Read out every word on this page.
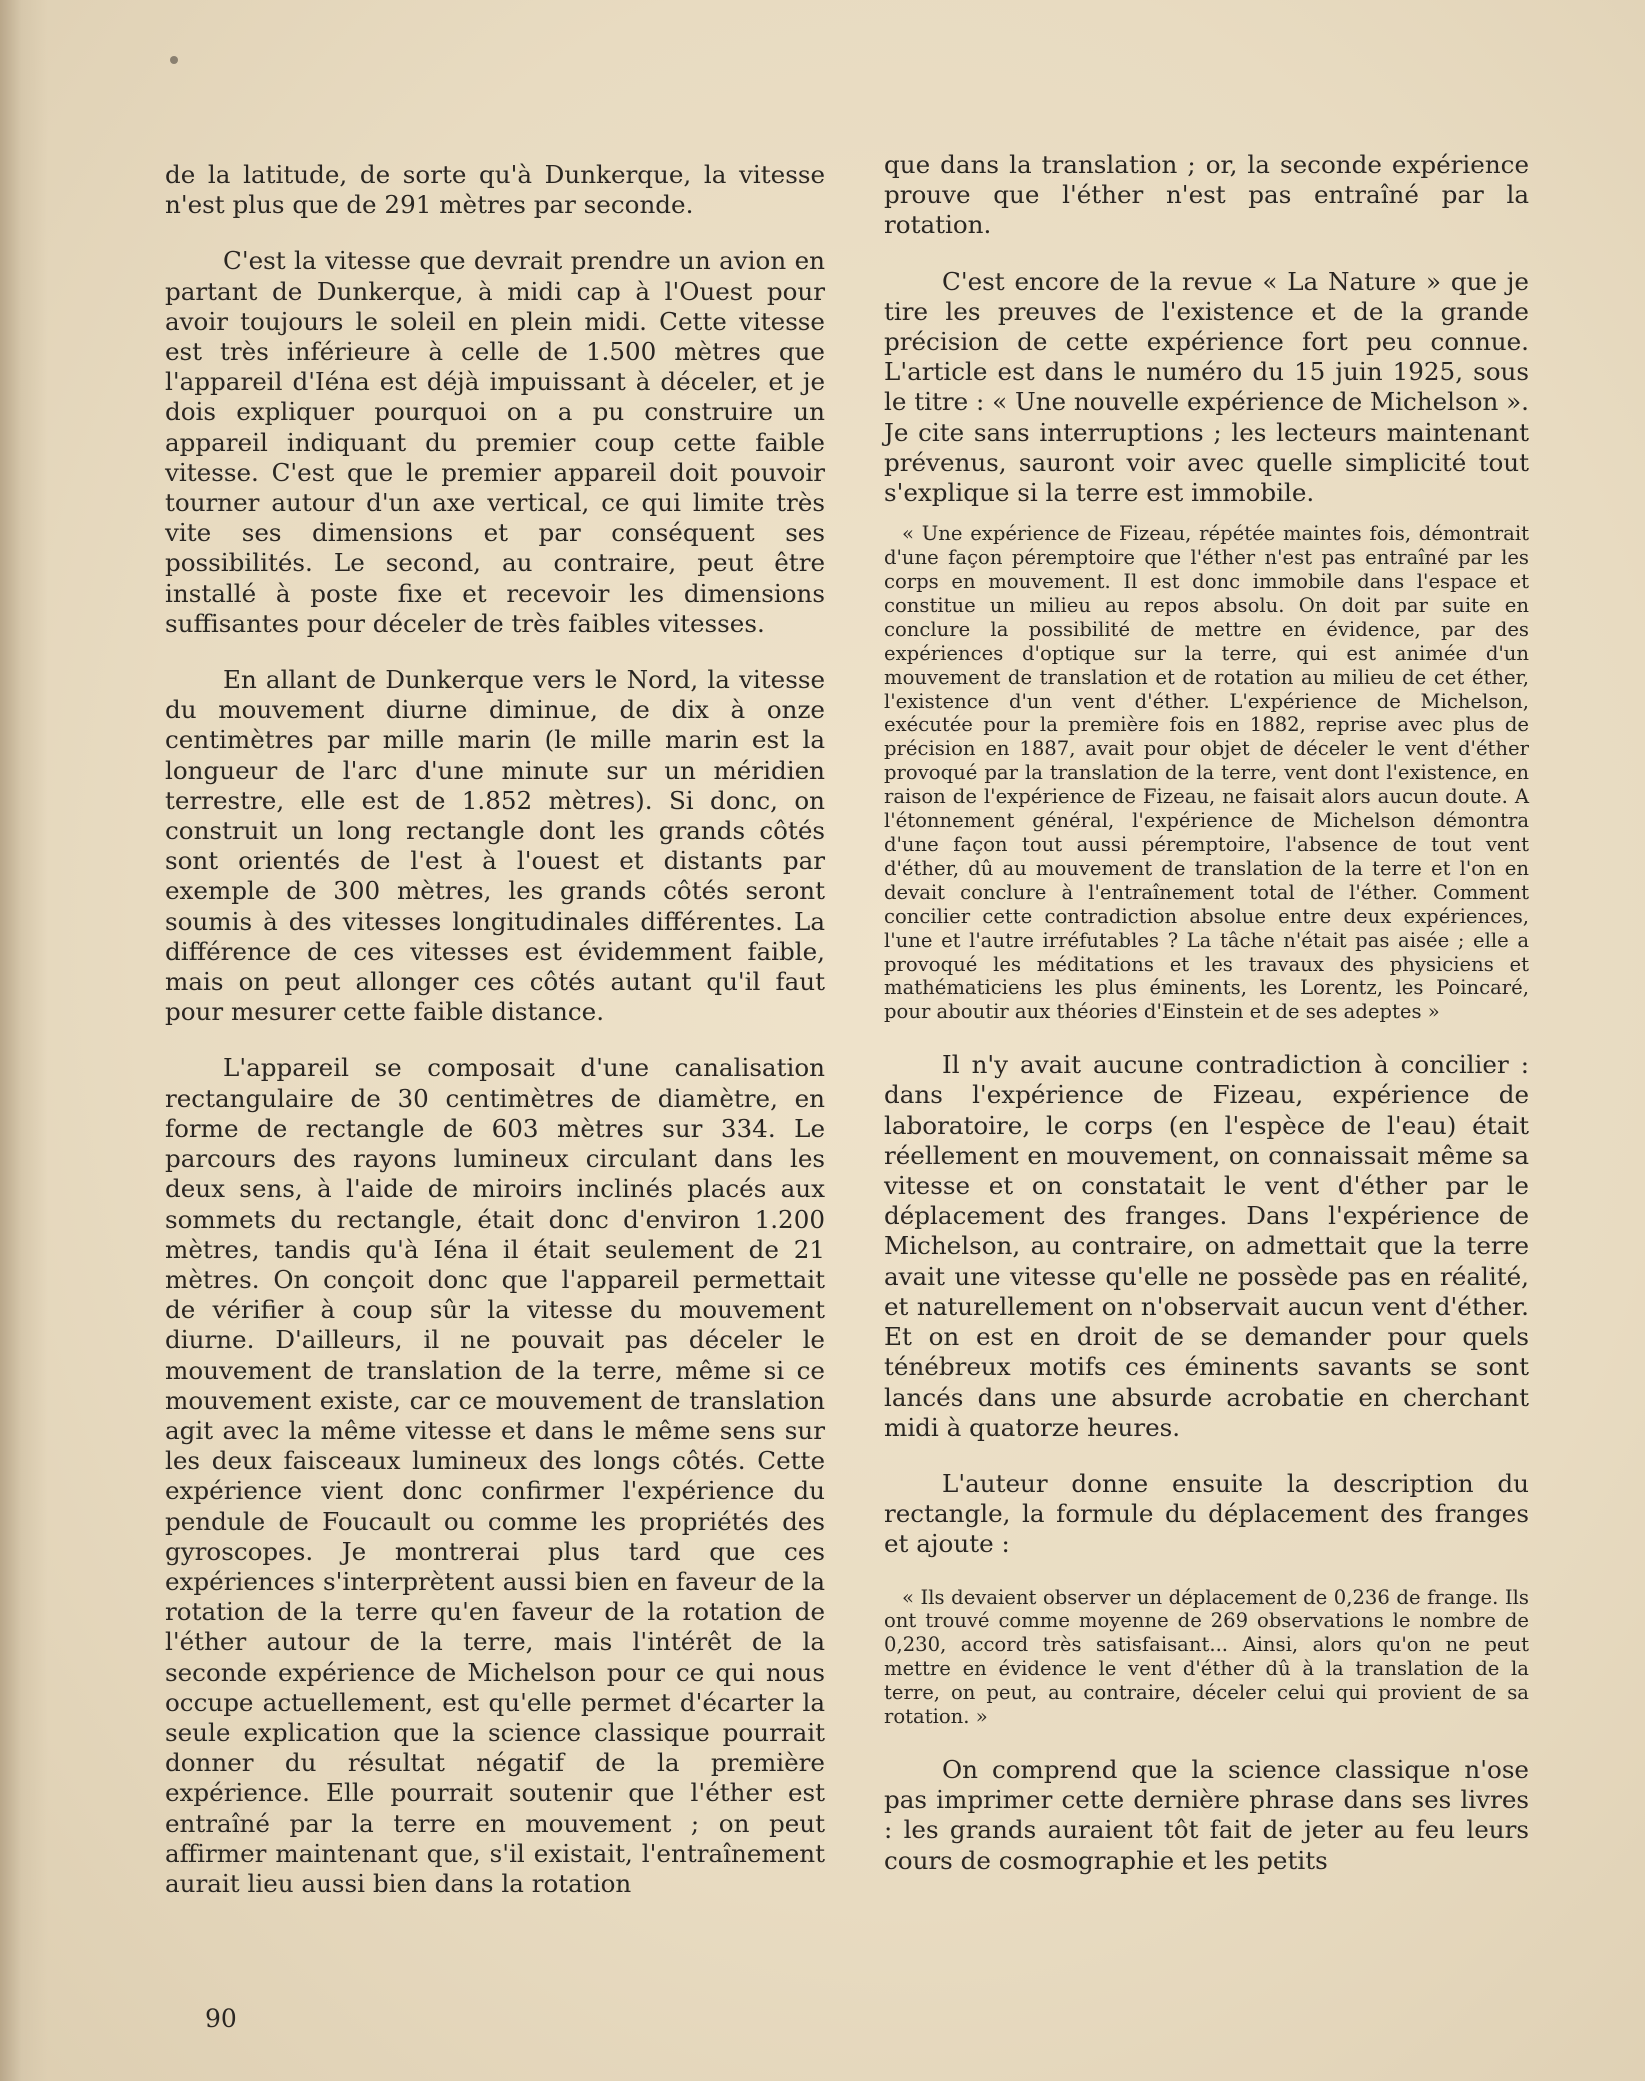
de la latitude, de sorte qu'à Dunkerque, la vitesse n'est plus que de 291 mètres par seconde.

C'est la vitesse que devrait prendre un avion en partant de Dunkerque, à midi cap à l'Ouest pour avoir toujours le soleil en plein midi. Cette vitesse est très inférieure à celle de 1.500 mètres que l'appareil d'Iéna est déjà impuissant à déceler, et je dois expliquer pourquoi on a pu construire un appareil indiquant du premier coup cette faible vitesse. C'est que le premier appareil doit pouvoir tourner autour d'un axe vertical, ce qui limite très vite ses dimensions et par conséquent ses possibilités. Le second, au contraire, peut être installé à poste fixe et recevoir les dimensions suffisantes pour déceler de très faibles vitesses.

En allant de Dunkerque vers le Nord, la vitesse du mouvement diurne diminue, de dix à onze centimètres par mille marin (le mille marin est la longueur de l'arc d'une minute sur un méridien terrestre, elle est de 1.852 mètres). Si donc, on construit un long rectangle dont les grands côtés sont orientés de l'est à l'ouest et distants par exemple de 300 mètres, les grands côtés seront soumis à des vitesses longitudinales différentes. La différence de ces vitesses est évidemment faible, mais on peut allonger ces côtés autant qu'il faut pour mesurer cette faible distance.

L'appareil se composait d'une canalisation rectangulaire de 30 centimètres de diamètre, en forme de rectangle de 603 mètres sur 334. Le parcours des rayons lumineux circulant dans les deux sens, à l'aide de miroirs inclinés placés aux sommets du rectangle, était donc d'environ 1.200 mètres, tandis qu'à Iéna il était seulement de 21 mètres. On conçoit donc que l'appareil permettait de vérifier à coup sûr la vitesse du mouvement diurne. D'ailleurs, il ne pouvait pas déceler le mouvement de translation de la terre, même si ce mouvement existe, car ce mouvement de translation agit avec la même vitesse et dans le même sens sur les deux faisceaux lumineux des longs côtés. Cette expérience vient donc confirmer l'expérience du pendule de Foucault ou comme les propriétés des gyroscopes. Je montrerai plus tard que ces expériences s'interprètent aussi bien en faveur de la rotation de la terre qu'en faveur de la rotation de l'éther autour de la terre, mais l'intérêt de la seconde expérience de Michelson pour ce qui nous occupe actuellement, est qu'elle permet d'écarter la seule explication que la science classique pourrait donner du résultat négatif de la première expérience. Elle pourrait soutenir que l'éther est entraîné par la terre en mouvement ; on peut affirmer maintenant que, s'il existait, l'entraînement aurait lieu aussi bien dans la rotation

que dans la translation ; or, la seconde expérience prouve que l'éther n'est pas entraîné par la rotation.

C'est encore de la revue « La Nature » que je tire les preuves de l'existence et de la grande précision de cette expérience fort peu connue. L'article est dans le numéro du 15 juin 1925, sous le titre : « Une nouvelle expérience de Michelson ». Je cite sans interruptions ; les lecteurs maintenant prévenus, sauront voir avec quelle simplicité tout s'explique si la terre est immobile.

« Une expérience de Fizeau, répétée maintes fois, démontrait d'une façon péremptoire que l'éther n'est pas entraîné par les corps en mouvement. Il est donc immobile dans l'espace et constitue un milieu au repos absolu. On doit par suite en conclure la possibilité de mettre en évidence, par des expériences d'optique sur la terre, qui est animée d'un mouvement de translation et de rotation au milieu de cet éther, l'existence d'un vent d'éther. L'expérience de Michelson, exécutée pour la première fois en 1882, reprise avec plus de précision en 1887, avait pour objet de déceler le vent d'éther provoqué par la translation de la terre, vent dont l'existence, en raison de l'expérience de Fizeau, ne faisait alors aucun doute. A l'étonnement général, l'expérience de Michelson démontra d'une façon tout aussi péremptoire, l'absence de tout vent d'éther, dû au mouvement de translation de la terre et l'on en devait conclure à l'entraînement total de l'éther. Comment concilier cette contradiction absolue entre deux expériences, l'une et l'autre irréfutables ? La tâche n'était pas aisée ; elle a provoqué les méditations et les travaux des physiciens et mathématiciens les plus éminents, les Lorentz, les Poincaré, pour aboutir aux théories d'Einstein et de ses adeptes »

Il n'y avait aucune contradiction à concilier : dans l'expérience de Fizeau, expérience de laboratoire, le corps (en l'espèce de l'eau) était réellement en mouvement, on connaissait même sa vitesse et on constatait le vent d'éther par le déplacement des franges. Dans l'expérience de Michelson, au contraire, on admettait que la terre avait une vitesse qu'elle ne possède pas en réalité, et naturellement on n'observait aucun vent d'éther. Et on est en droit de se demander pour quels ténébreux motifs ces éminents savants se sont lancés dans une absurde acrobatie en cherchant midi à quatorze heures.

L'auteur donne ensuite la description du rectangle, la formule du déplacement des franges et ajoute :

« Ils devaient observer un déplacement de 0,236 de frange. Ils ont trouvé comme moyenne de 269 observations le nombre de 0,230, accord très satisfaisant... Ainsi, alors qu'on ne peut mettre en évidence le vent d'éther dû à la translation de la terre, on peut, au contraire, déceler celui qui provient de sa rotation. »

On comprend que la science classique n'ose pas imprimer cette dernière phrase dans ses livres : les grands auraient tôt fait de jeter au feu leurs cours de cosmographie et les petits

90
